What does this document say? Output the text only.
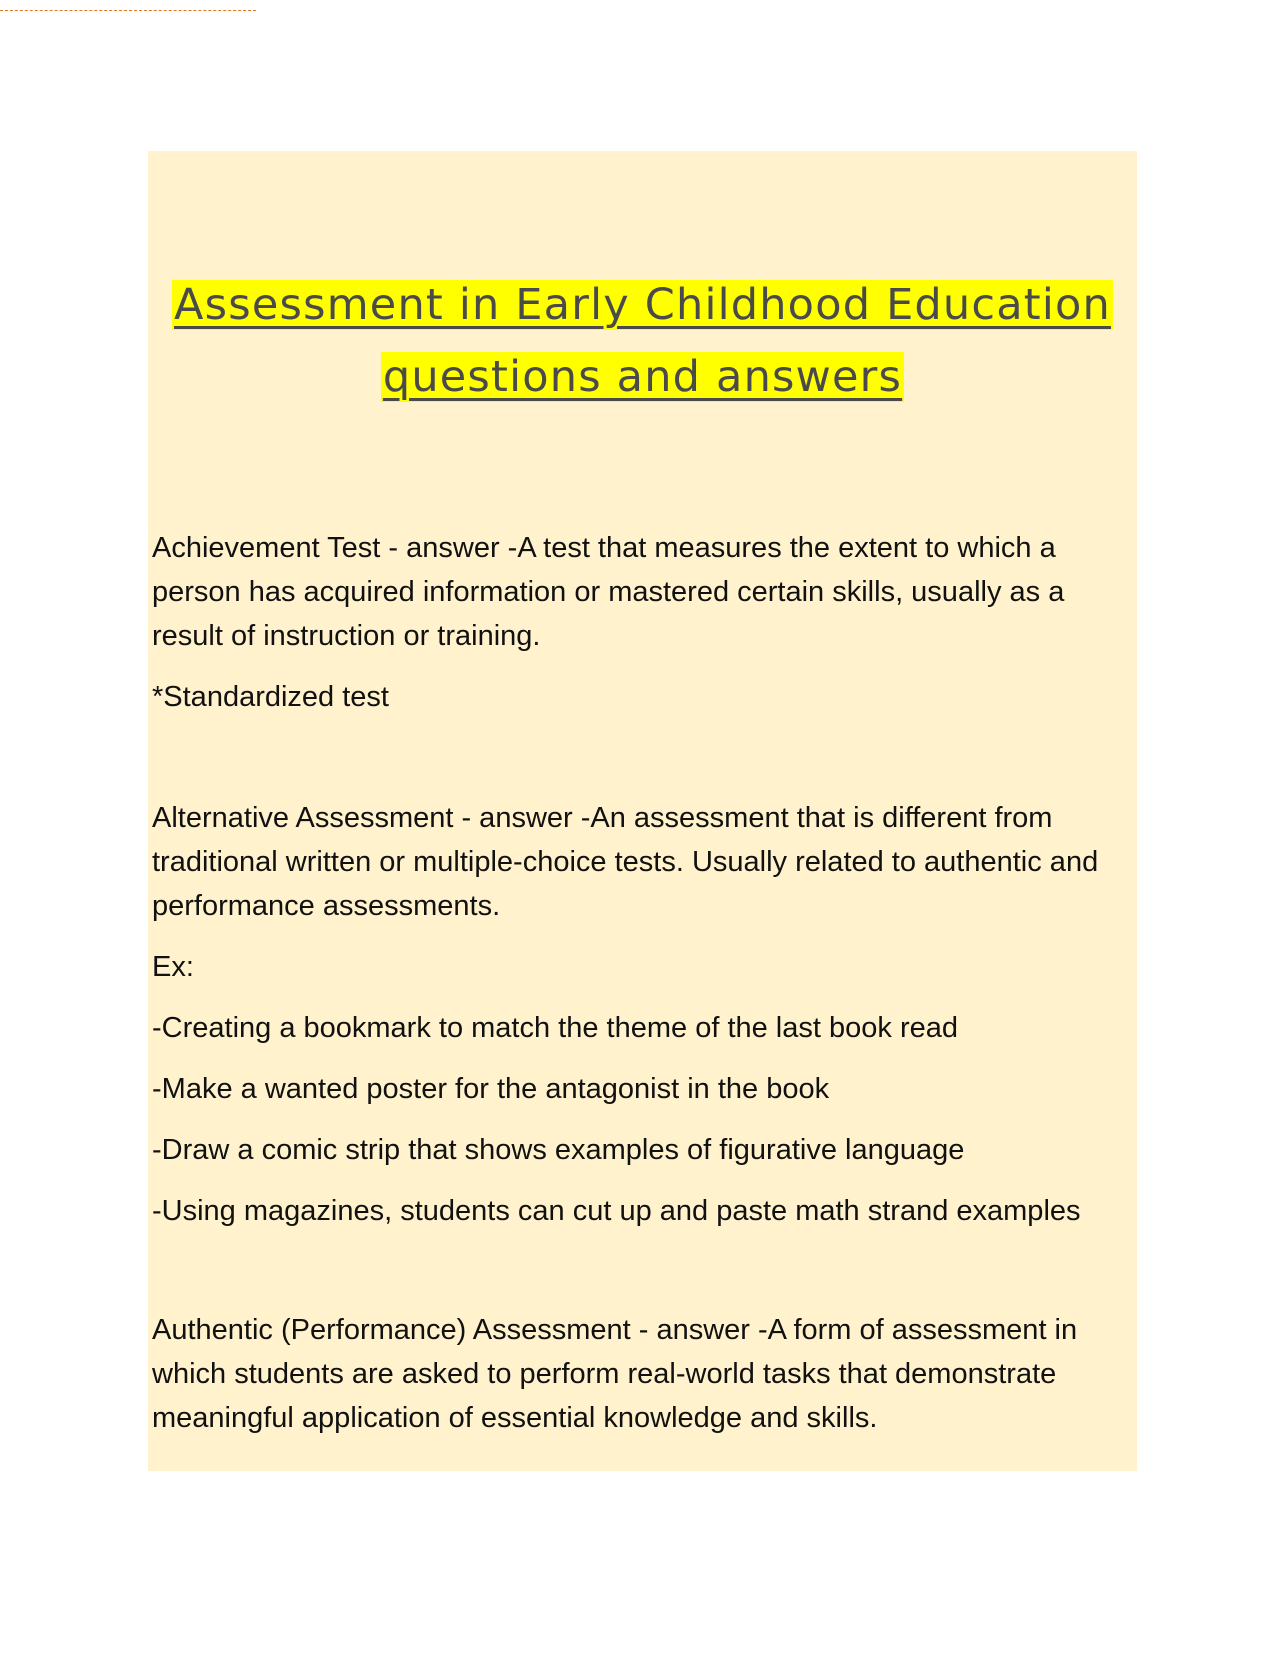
Assessment in Early Childhood Education
questions and answers

Achievement Test - answer -A test that measures the extent to which a person has acquired information or mastered certain skills, usually as a result of instruction or training.

*Standardized test

Alternative Assessment - answer -An assessment that is different from traditional written or multiple-choice tests. Usually related to authentic and performance assessments.

Ex:

-Creating a bookmark to match the theme of the last book read

-Make a wanted poster for the antagonist in the book

-Draw a comic strip that shows examples of figurative language

-Using magazines, students can cut up and paste math strand examples

Authentic (Performance) Assessment - answer -A form of assessment in which students are asked to perform real-world tasks that demonstrate meaningful application of essential knowledge and skills.
